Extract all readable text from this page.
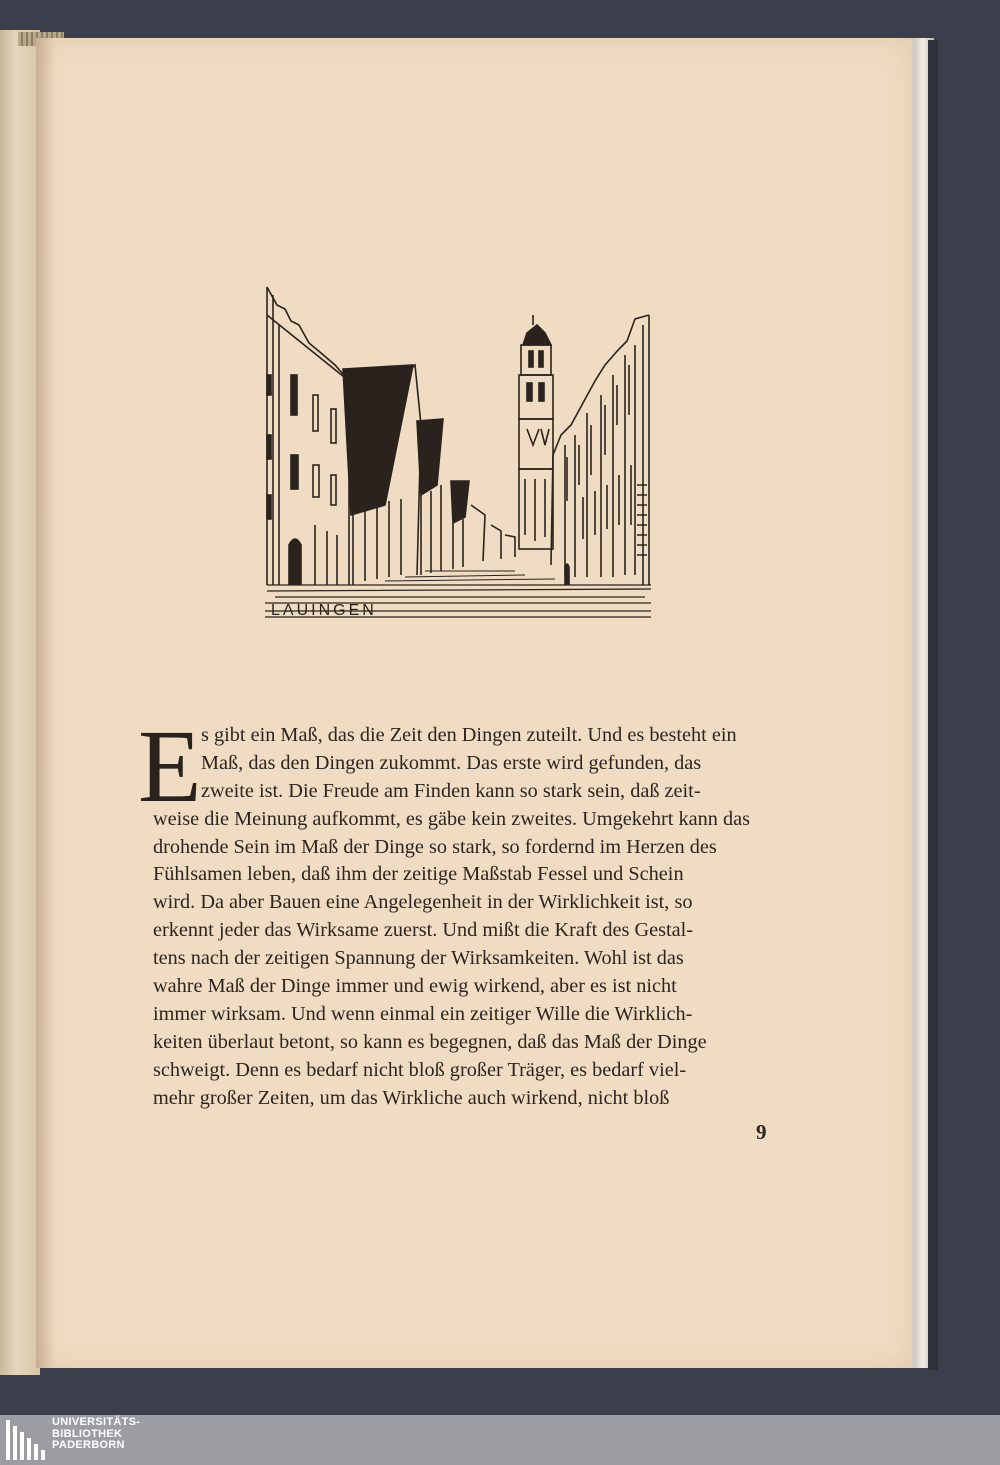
LAUINGEN
E s gibt ein Maß, das die Zeit den Dingen zuteilt. Und es besteht ein
Maß, das den Dingen zukommt. Das erste wird gefunden, das
zweite ist. Die Freude am Finden kann so stark sein, daß zeit-
weise die Meinung aufkommt, es gäbe kein zweites. Umgekehrt kann das
drohende Sein im Maß der Dinge so stark, so fordernd im Herzen des
Fühlsamen leben, daß ihm der zeitige Maßstab Fessel und Schein
wird. Da aber Bauen eine Angelegenheit in der Wirklichkeit ist, so
erkennt jeder das Wirksame zuerst. Und mißt die Kraft des Gestal-
tens nach der zeitigen Spannung der Wirksamkeiten. Wohl ist das
wahre Maß der Dinge immer und ewig wirkend, aber es ist nicht
immer wirksam. Und wenn einmal ein zeitiger Wille die Wirklich-
keiten überlaut betont, so kann es begegnen, daß das Maß der Dinge
schweigt. Denn es bedarf nicht bloß großer Träger, es bedarf viel-
mehr großer Zeiten, um das Wirkliche auch wirkend, nicht bloß
9
UNIVERSITÄTS-
BIBLIOTHEK
PADERBORN
